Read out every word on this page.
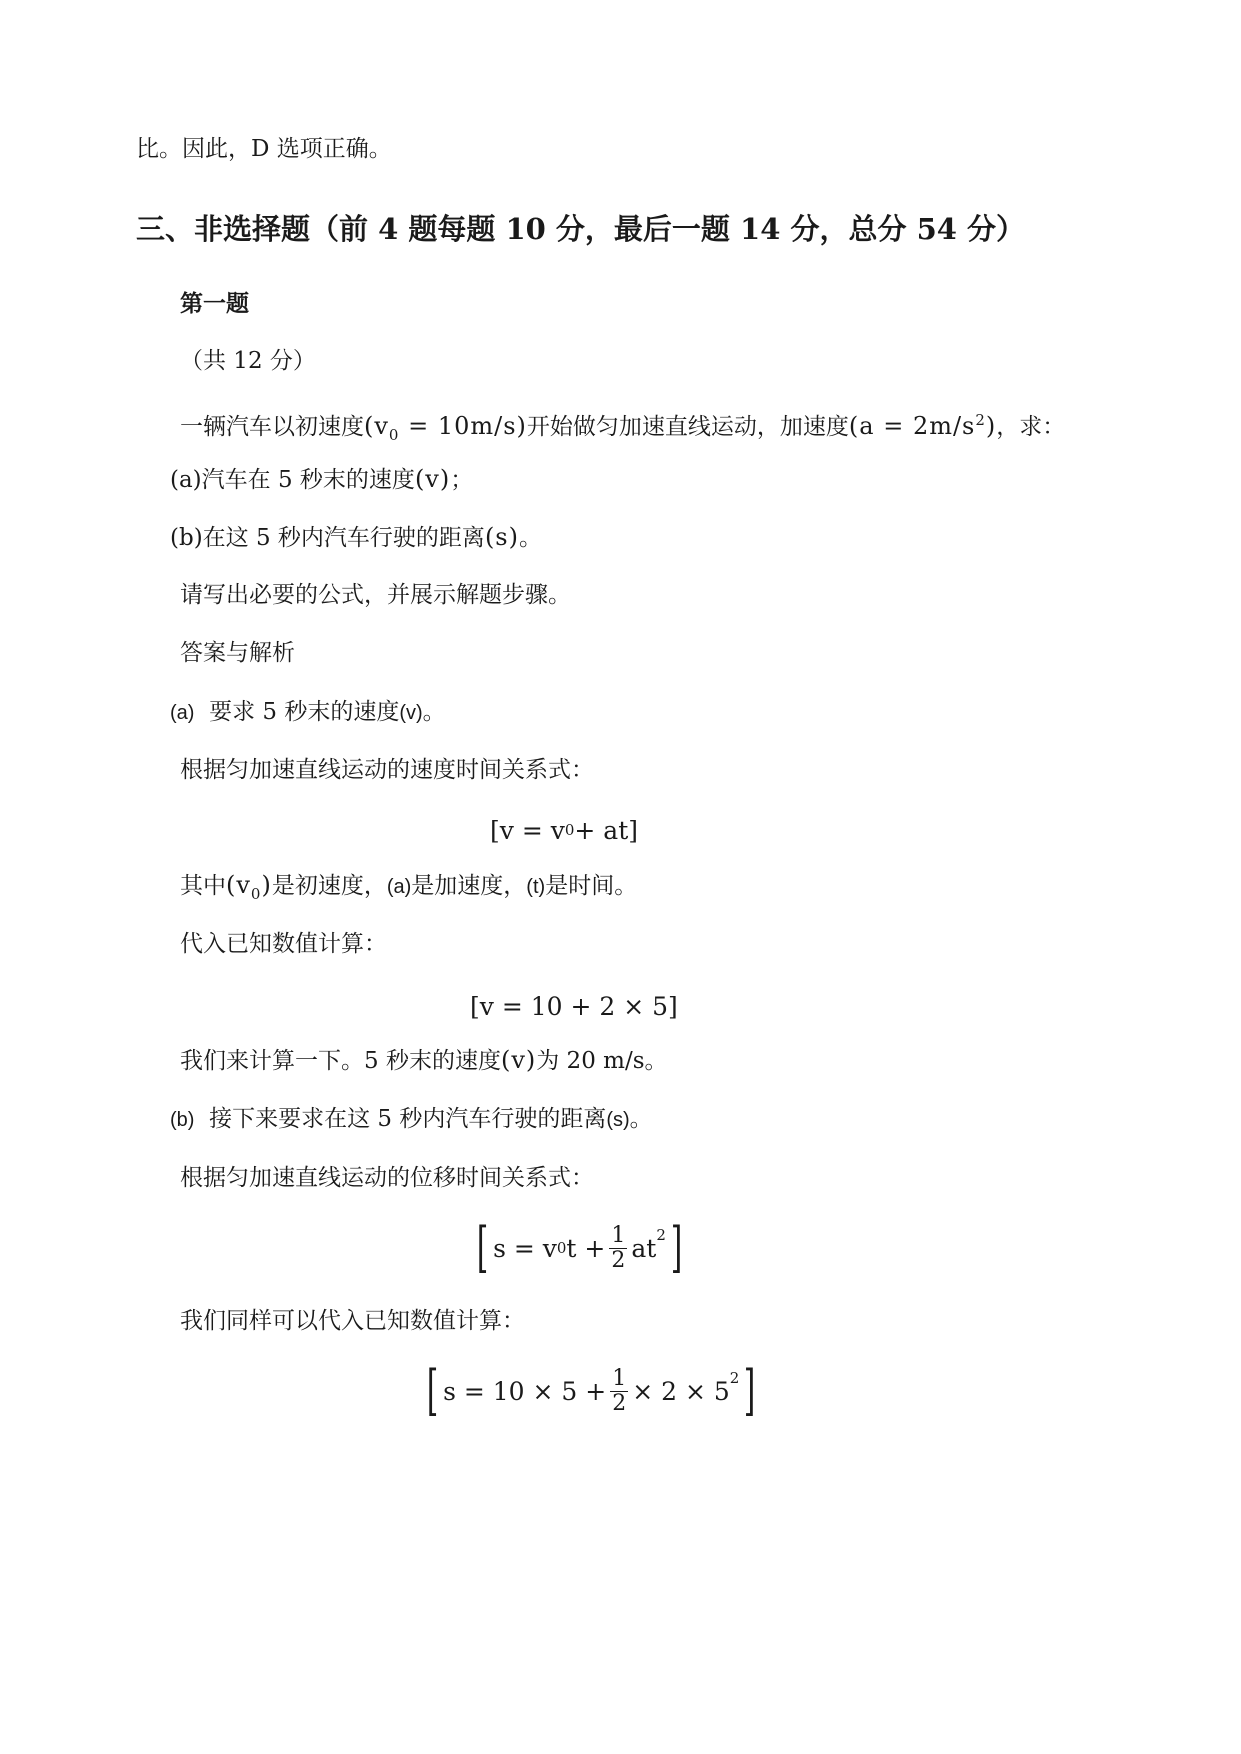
比。因此，D 选项正确。
三、非选择题（前 4 题每题 10 分，最后一题 14 分，总分 54 分）
第一题
（共 12 分）
一辆汽车以初速度$(v_0 = 10m/s)$开始做匀加速直线运动，加速度$(a = 2m/s^2)$，求：
(a)汽车在 5 秒末的速度(v)；
(b)在这 5 秒内汽车行驶的距离(s)。
请写出必要的公式，并展示解题步骤。
答案与解析
(a) 要求 5 秒末的速度(v)。
根据匀加速直线运动的速度时间关系式：
[v = v 0 + at]
其中$(v_0)$是初速度，(a)是加速度，(t)是时间。
代入已知数值计算：
[v = 10 + 2 × 5]
我们来计算一下。5 秒末的速度(v)为 20 m/s。
(b) 接下来要求在这 5 秒内汽车行驶的距离(s)。
根据匀加速直线运动的位移时间关系式：
[ s = v 0 $t + \frac{1}{2} at^2$ ]
我们同样可以代入已知数值计算：
[ $s = 10 \times 5 + \frac{1}{2} \times 2 \times 5^2$ ]
